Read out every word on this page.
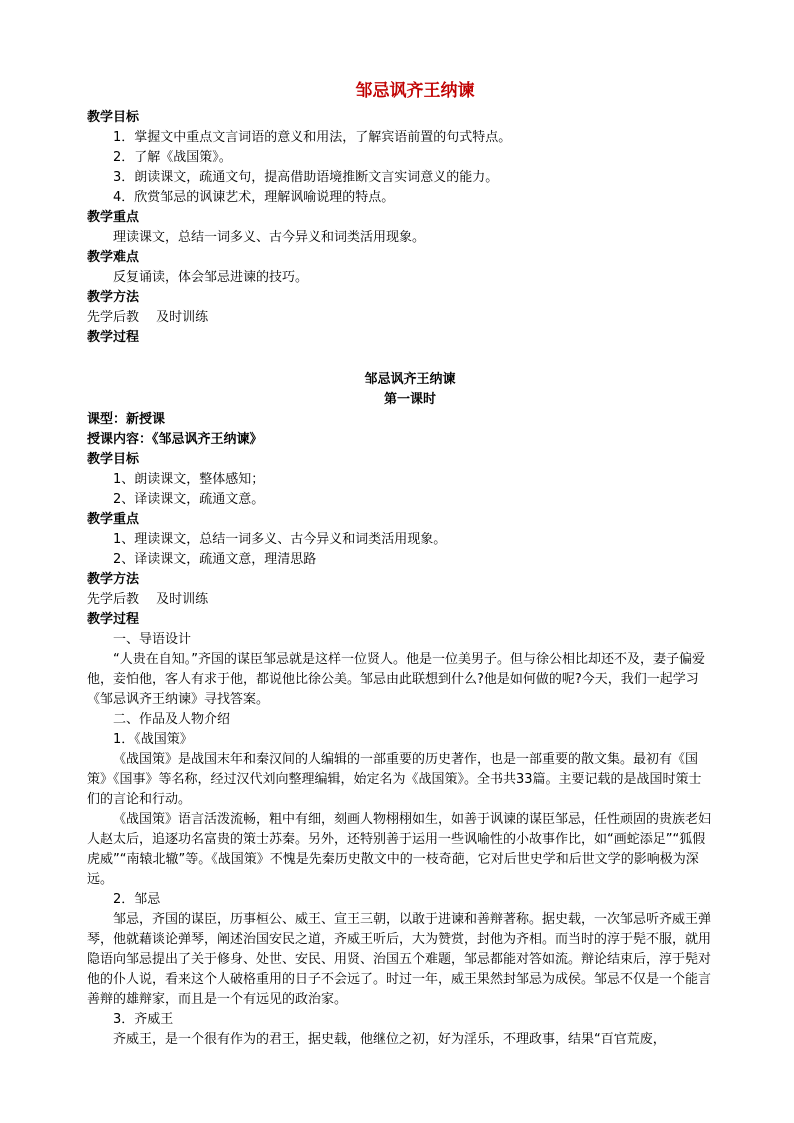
邹忌讽齐王纳谏
教学目标
1．掌握文中重点文言词语的意义和用法，了解宾语前置的句式特点。
2．了解《战国策》。
3．朗读课文，疏通文句，提高借助语境推断文言实词意义的能力。
4．欣赏邹忌的讽谏艺术，理解讽喻说理的特点。
教学重点
理读课文，总结一词多义、古今异义和词类活用现象。
教学难点
反复诵读，体会邹忌进谏的技巧。
教学方法
先学后教　 及时训练
教学过程
邹忌讽齐王纳谏
第一课时
课型：新授课
授课内容：《邹忌讽齐王纳谏》
教学目标
1、朗读课文，整体感知；
2、译读课文，疏通文意。
教学重点
1、理读课文，总结一词多义、古今异义和词类活用现象。
2、译读课文，疏通文意，理清思路
教学方法
先学后教　 及时训练
教学过程
一、导语设计

“人贵在自知。”齐国的谋臣邹忌就是这样一位贤人。他是一位美男子。但与徐公相比却还不及，妻子偏爱他，妾怕他，客人有求于他，都说他比徐公美。邹忌由此联想到什么?他是如何做的呢?今天，我们一起学习《邹忌讽齐王纳谏》寻找答案。

二、作品及人物介绍
1．《战国策》

《战国策》是战国末年和秦汉间的人编辑的一部重要的历史著作，也是一部重要的散文集。最初有《国策》《国事》等名称，经过汉代刘向整理编辑，始定名为《战国策》。全书共33篇。主要记载的是战国时策士们的言论和行动。

《战国策》语言活泼流畅，粗中有细，刻画人物栩栩如生，如善于讽谏的谋臣邹忌，任性顽固的贵族老妇人赵太后，追逐功名富贵的策士苏秦。另外，还特别善于运用一些讽喻性的小故事作比，如“画蛇添足”“狐假虎威”“南辕北辙”等。《战国策》不愧是先秦历史散文中的一枝奇葩，它对后世史学和后世文学的影响极为深远。

2．邹忌

邹忌，齐国的谋臣，历事桓公、威王、宣王三朝，以敢于进谏和善辩著称。据史载，一次邹忌听齐威王弹琴，他就藉谈论弹琴，阐述治国安民之道，齐威王听后，大为赞赏，封他为齐相。而当时的淳于髡不服，就用隐语向邹忌提出了关于修身、处世、安民、用贤、治国五个难题，邹忌都能对答如流。辩论结束后，淳于髡对他的仆人说，看来这个人破格重用的日子不会远了。时过一年，威王果然封邹忌为成侯。邹忌不仅是一个能言善辩的雄辩家，而且是一个有远见的政治家。

3．齐威王

齐威王，是一个很有作为的君王，据史载，他继位之初，好为淫乐，不理政事，结果“百官荒废，
